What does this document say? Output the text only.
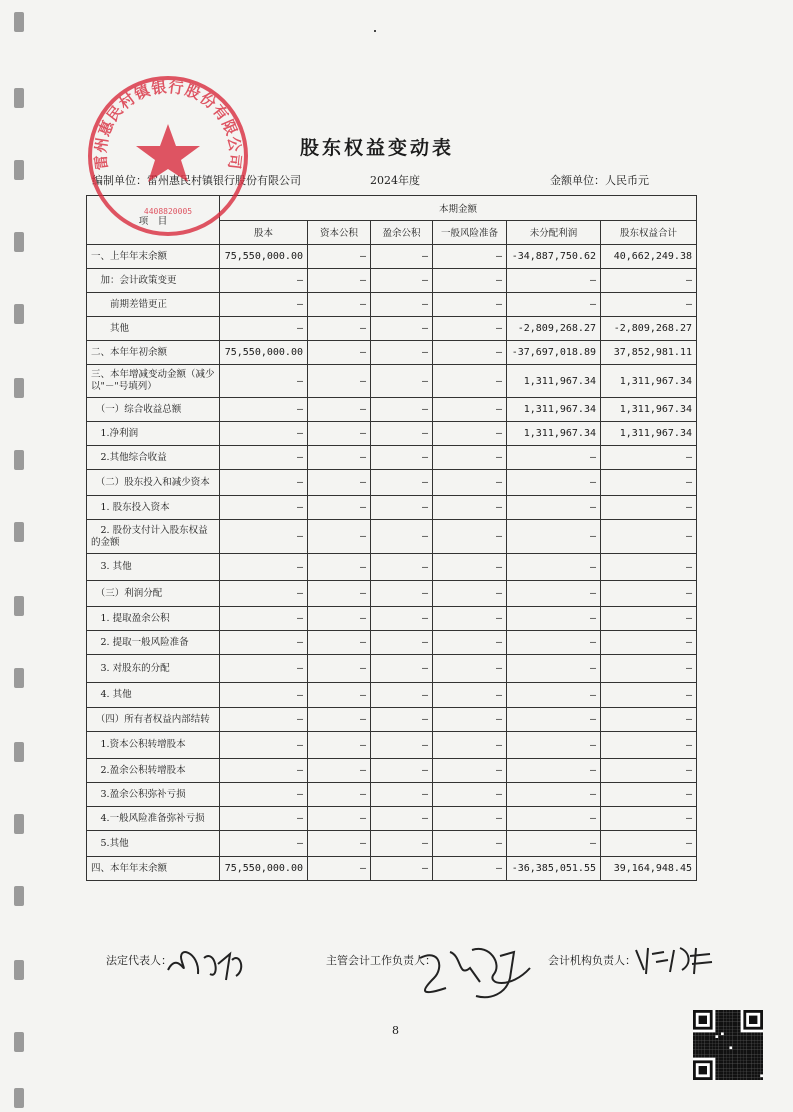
股东权益变动表
编制单位：雷州惠民村镇银行股份有限公司	2024年度	金额单位：人民币元
项　目	本期金额					
	股本	资本公积	盈余公积	一般风险准备	未分配利润	股东权益合计
一、上年年末余额	75,550,000.00	–	–	–	-34,887,750.62	40,662,249.38
　加：会计政策变更	–	–	–	–	–	–
　　前期差错更正	–	–	–	–	–	–
　　其他	–	–	–	–	-2,809,268.27	-2,809,268.27
二、本年年初余额	75,550,000.00	–	–	–	-37,697,018.89	37,852,981.11
三、本年增减变动金额（减少以"－"号填列）	–	–	–	–	1,311,967.34	1,311,967.34
　（一）综合收益总额	–	–	–	–	1,311,967.34	1,311,967.34
　1.净利润	–	–	–	–	1,311,967.34	1,311,967.34
　2.其他综合收益	–	–	–	–	–	–
　（二）股东投入和减少资本	–	–	–	–	–	–
　1. 股东投入资本	–	–	–	–	–	–
　2. 股份支付计入股东权益的金额	–	–	–	–	–	–
　3. 其他	–	–	–	–	–	–
　（三）利润分配	–	–	–	–	–	–
　1. 提取盈余公积	–	–	–	–	–	–
　2. 提取一般风险准备	–	–	–	–	–	–
　3. 对股东的分配	–	–	–	–	–	–
　4. 其他	–	–	–	–	–	–
　（四）所有者权益内部结转	–	–	–	–	–	–
　1.资本公积转增股本	–	–	–	–	–	–
　2.盈余公积转增股本	–	–	–	–	–	–
　3.盈余公积弥补亏损	–	–	–	–	–	–
　4.一般风险准备弥补亏损	–	–	–	–	–	–
　5.其他	–	–	–	–	–	–
四、本年年末余额	75,550,000.00	–	–	–	-36,385,051.55	39,164,948.45
雷州惠民村镇银行股份有限公司
4408820005
法定代表人：	主管会计工作负责人：	会计机构负责人：
8
